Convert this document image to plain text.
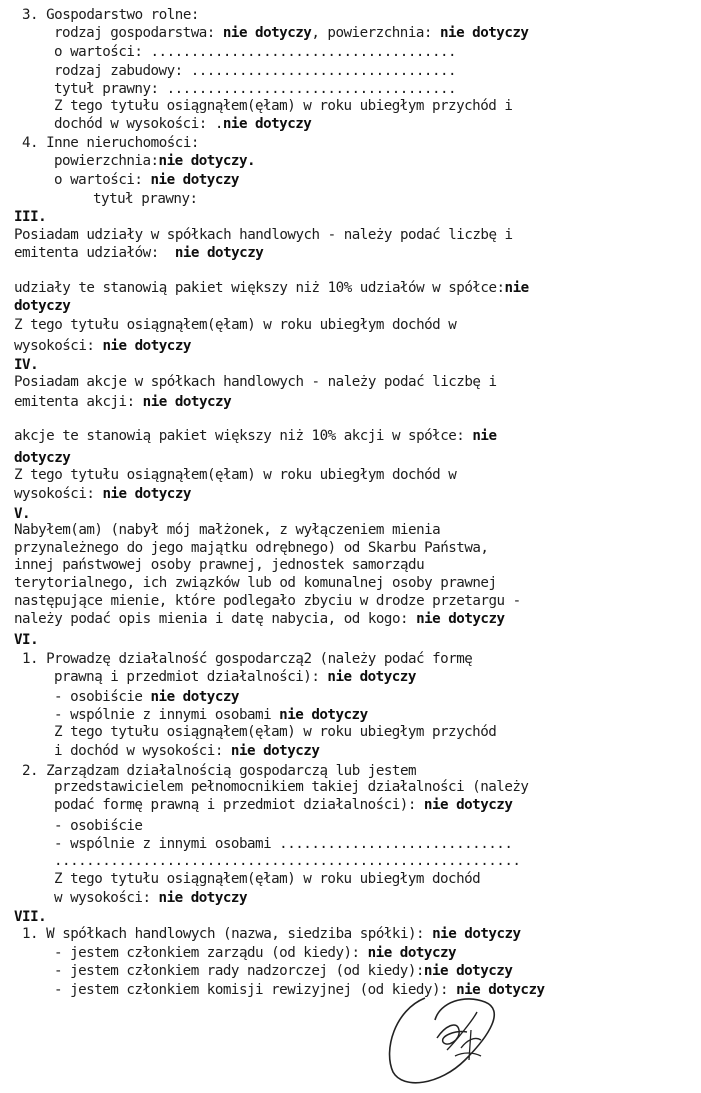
3. Gospodarstwo rolne:
rodzaj gospodarstwa: nie dotyczy, powierzchnia: nie dotyczy
o wartości: ......................................
rodzaj zabudowy: .................................
tytuł prawny: ....................................
Z tego tytułu osiągnąłem(ęłam) w roku ubiegłym przychód i
dochód w wysokości: .nie dotyczy
4. Inne nieruchomości:
powierzchnia:nie dotyczy.
o wartości: nie dotyczy
tytuł prawny:
III.
Posiadam udziały w spółkach handlowych - należy podać liczbę i
emitenta udziałów:  nie dotyczy
udziały te stanowią pakiet większy niż 10% udziałów w spółce:nie
dotyczy
Z tego tytułu osiągnąłem(ęłam) w roku ubiegłym dochód w
wysokości: nie dotyczy
IV.
Posiadam akcje w spółkach handlowych - należy podać liczbę i
emitenta akcji: nie dotyczy
akcje te stanowią pakiet większy niż 10% akcji w spółce: nie
dotyczy
Z tego tytułu osiągnąłem(ęłam) w roku ubiegłym dochód w
wysokości: nie dotyczy
V.
Nabyłem(am) (nabył mój małżonek, z wyłączeniem mienia
przynależnego do jego majątku odrębnego) od Skarbu Państwa,
innej państwowej osoby prawnej, jednostek samorządu
terytorialnego, ich związków lub od komunalnej osoby prawnej
następujące mienie, które podlegało zbyciu w drodze przetargu -
należy podać opis mienia i datę nabycia, od kogo: nie dotyczy
VI.
1. Prowadzę działalność gospodarczą2 (należy podać formę
prawną i przedmiot działalności): nie dotyczy
- osobiście nie dotyczy
- wspólnie z innymi osobami nie dotyczy
Z tego tytułu osiągnąłem(ęłam) w roku ubiegłym przychód
i dochód w wysokości: nie dotyczy
2. Zarządzam działalnością gospodarczą lub jestem
przedstawicielem pełnomocnikiem takiej działalności (należy
podać formę prawną i przedmiot działalności): nie dotyczy
- osobiście
- wspólnie z innymi osobami .............................
..........................................................
Z tego tytułu osiągnąłem(ęłam) w roku ubiegłym dochód
w wysokości: nie dotyczy
VII.
1. W spółkach handlowych (nazwa, siedziba spółki): nie dotyczy
- jestem członkiem zarządu (od kiedy): nie dotyczy
- jestem członkiem rady nadzorczej (od kiedy):nie dotyczy
- jestem członkiem komisji rewizyjnej (od kiedy): nie dotyczy
